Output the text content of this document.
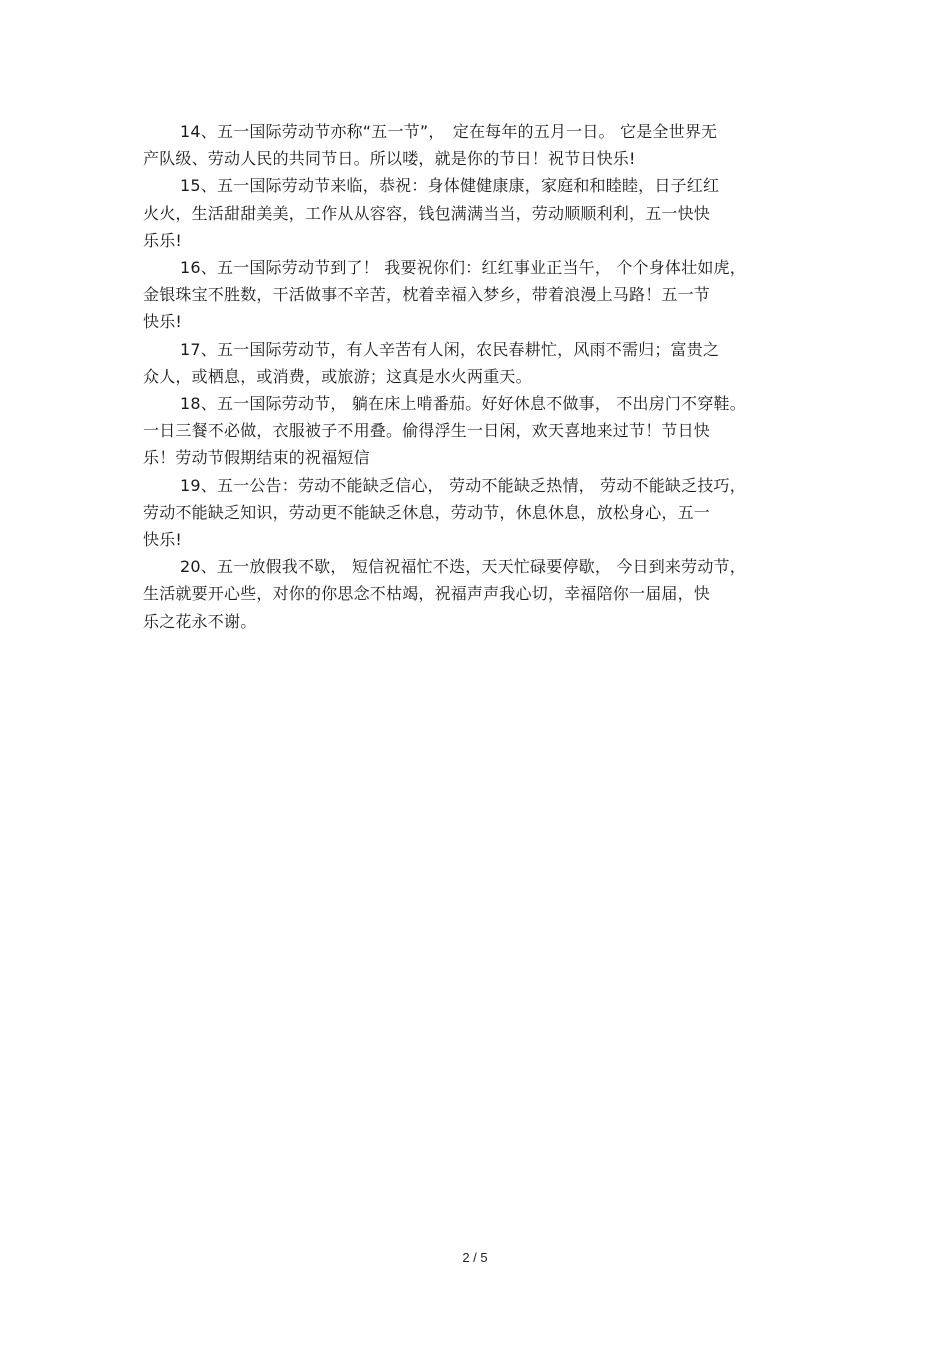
14、五一国际劳动节亦称“五一节”，　定在每年的五月一日。 它是全世界无
产队级、劳动人民的共同节日。所以喽，就是你的节日！祝节日快乐!

15、五一国际劳动节来临，恭祝：身体健健康康，家庭和和睦睦，日子红红
火火，生活甜甜美美，工作从从容容，钱包满满当当，劳动顺顺利利，五一快快
乐乐!

16、五一国际劳动节到了！ 我要祝你们：红红事业正当午， 个个身体壮如虎，
金银珠宝不胜数，干活做事不辛苦，枕着幸福入梦乡，带着浪漫上马路！五一节
快乐!

17、五一国际劳动节，有人辛苦有人闲，农民春耕忙，风雨不需归；富贵之
众人，或栖息，或消费，或旅游；这真是水火两重天。

18、五一国际劳动节， 躺在床上啃番茄。好好休息不做事， 不出房门不穿鞋。
一日三餐不必做，衣服被子不用叠。偷得浮生一日闲，欢天喜地来过节！节日快
乐！劳动节假期结束的祝福短信

19、五一公告：劳动不能缺乏信心， 劳动不能缺乏热情， 劳动不能缺乏技巧，
劳动不能缺乏知识，劳动更不能缺乏休息，劳动节，休息休息，放松身心，五一
快乐!

20、五一放假我不歇， 短信祝福忙不迭，天天忙碌要停歇， 今日到来劳动节，
生活就要开心些，对你的你思念不枯竭，祝福声声我心切，幸福陪你一届届，快
乐之花永不谢。

2 / 5
